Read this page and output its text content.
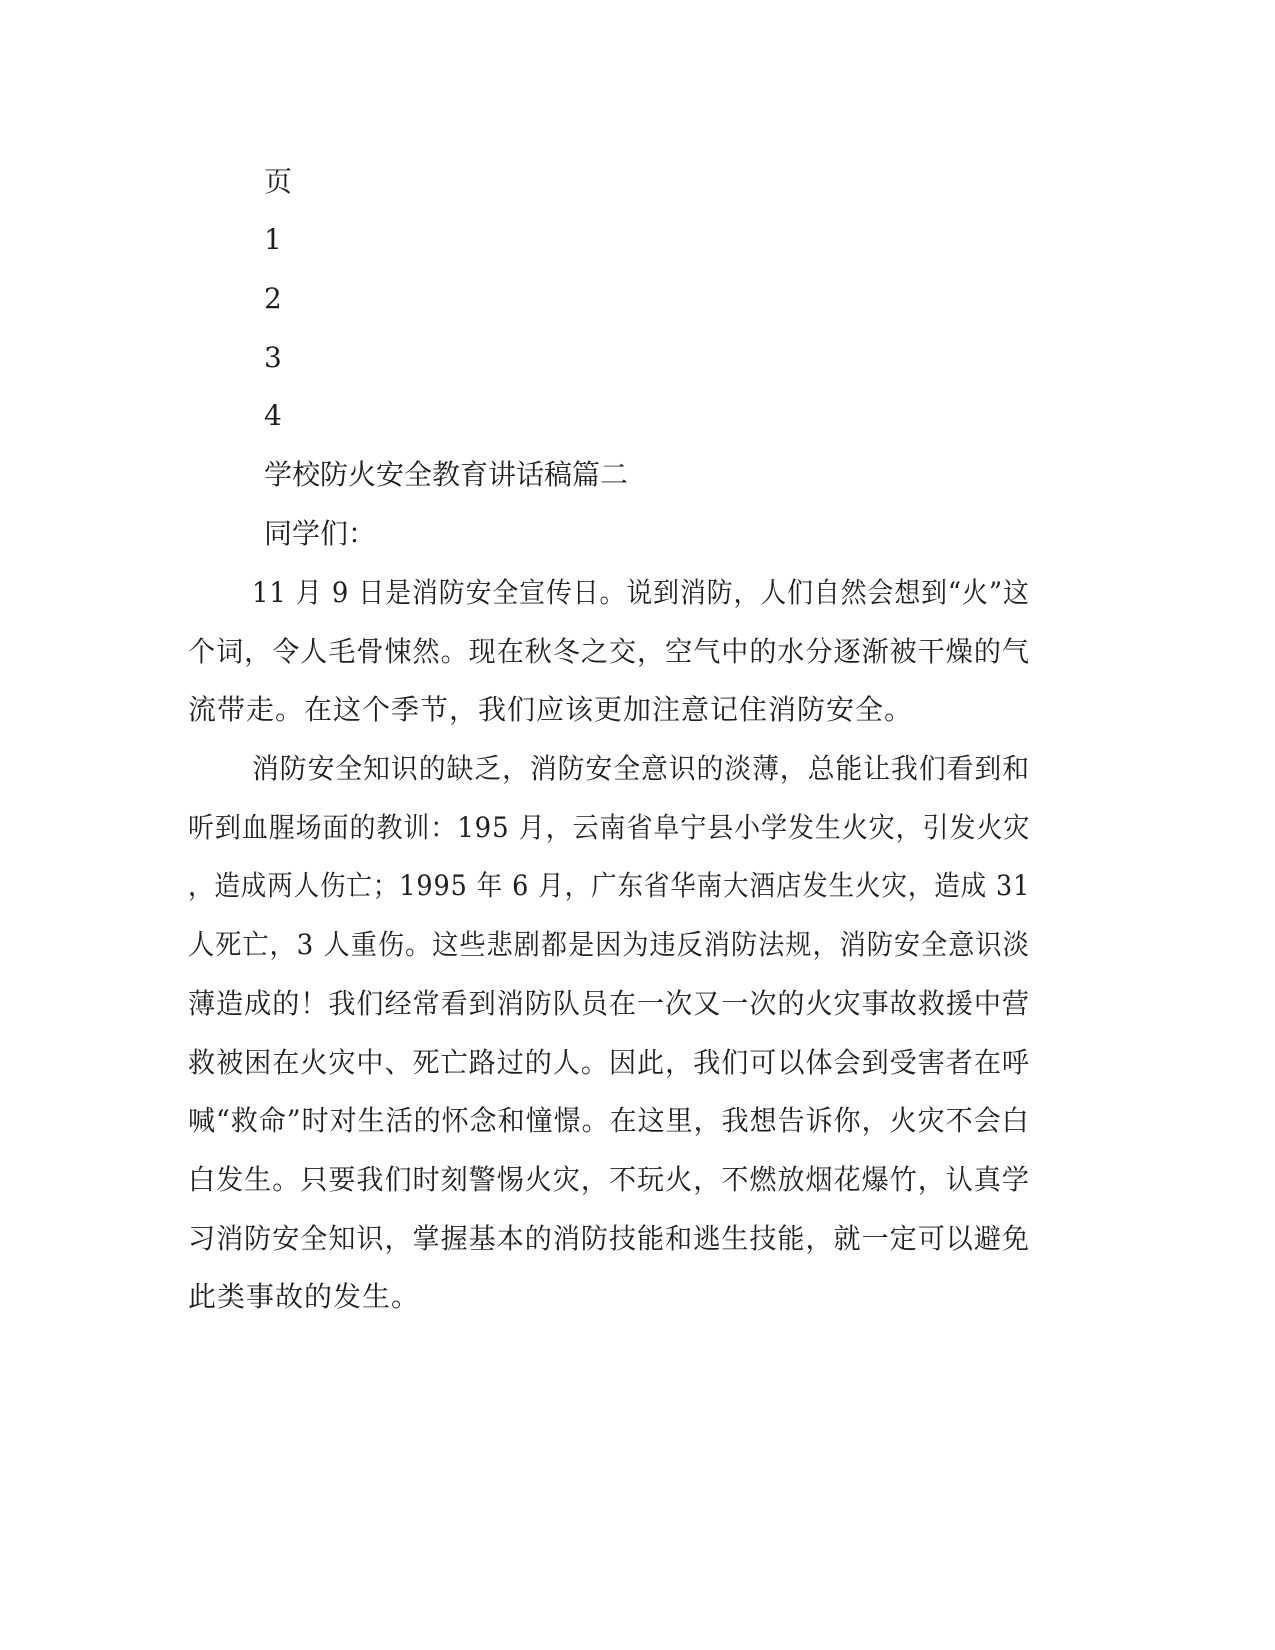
页

1

2

3

4

学校防火安全教育讲话稿篇二

同学们：

11 月 9 日是消防安全宣传日。说到消防，人们自然会想到“火”这

个词，令人毛骨悚然。现在秋冬之交，空气中的水分逐渐被干燥的气

流带走。在这个季节，我们应该更加注意记住消防安全。

消防安全知识的缺乏，消防安全意识的淡薄，总能让我们看到和

听到血腥场面的教训：195 月，云南省阜宁县小学发生火灾，引发火灾

，造成两人伤亡；1995 年 6 月，广东省华南大酒店发生火灾，造成 31

人死亡，3 人重伤。这些悲剧都是因为违反消防法规，消防安全意识淡

薄造成的！我们经常看到消防队员在一次又一次的火灾事故救援中营

救被困在火灾中、死亡路过的人。因此，我们可以体会到受害者在呼

喊“救命”时对生活的怀念和憧憬。在这里，我想告诉你，火灾不会白

白发生。只要我们时刻警惕火灾，不玩火，不燃放烟花爆竹，认真学

习消防安全知识，掌握基本的消防技能和逃生技能，就一定可以避免

此类事故的发生。
